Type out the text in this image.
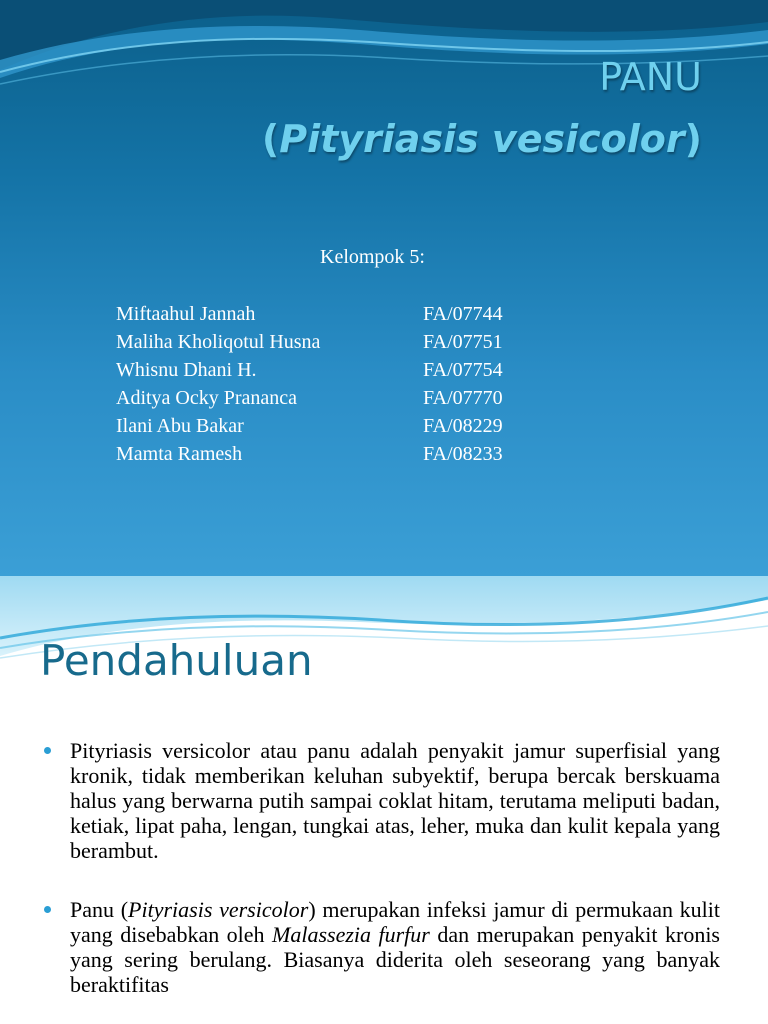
PANU
(Pityriasis vesicolor)
Kelompok 5:
Miftaahul Jannah	FA/07744
Maliha Kholiqotul Husna	FA/07751
Whisnu Dhani H.	FA/07754
Aditya Ocky Prananca	FA/07770
Ilani Abu Bakar	FA/08229
Mamta Ramesh	FA/08233
Pendahuluan

Pityriasis versicolor atau panu adalah penyakit jamur superfisial yang kronik, tidak memberikan keluhan subyektif, berupa bercak berskuama halus yang berwarna putih sampai coklat hitam, terutama meliputi badan, ketiak, lipat paha, lengan, tungkai atas, leher, muka dan kulit kepala yang berambut.

Panu (Pityriasis versicolor) merupakan infeksi jamur di permukaan kulit yang disebabkan oleh Malassezia furfur dan merupakan penyakit kronis yang sering berulang. Biasanya diderita oleh seseorang yang banyak beraktifitas
